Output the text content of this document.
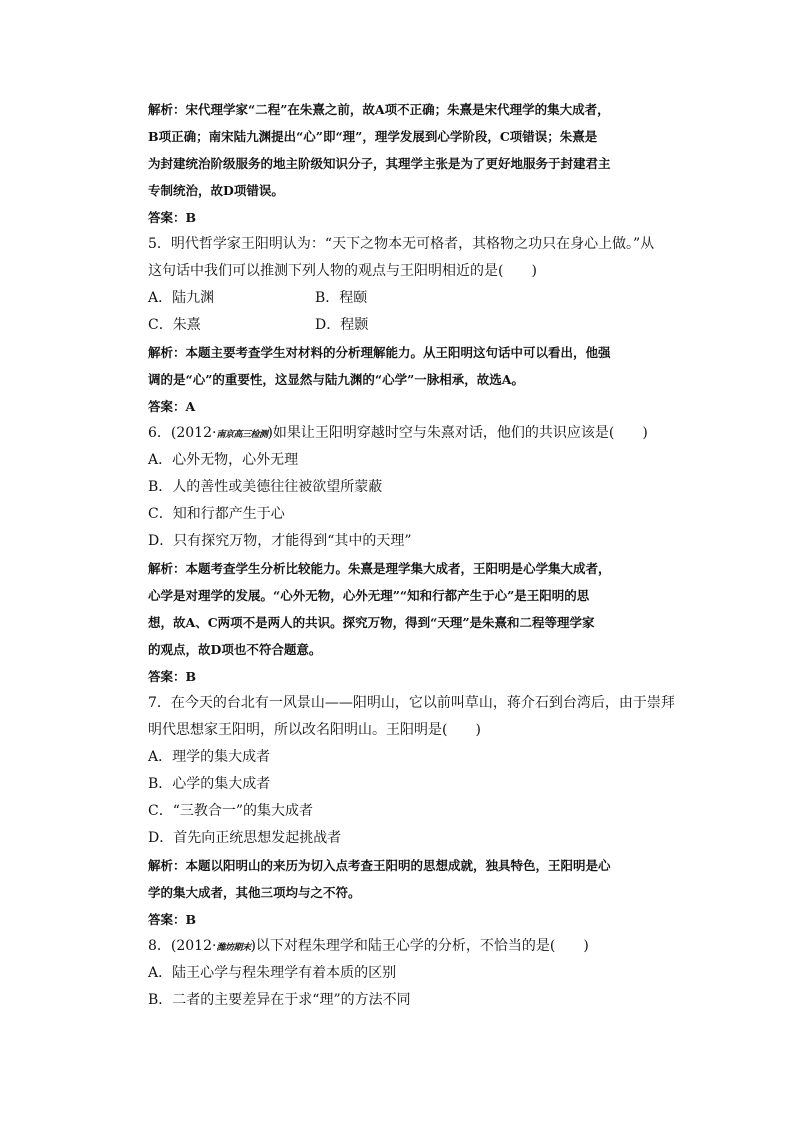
解析：宋代理学家“二程”在朱熹之前，故A项不正确；朱熹是宋代理学的集大成者，
B项正确；南宋陆九渊提出“心”即“理”，理学发展到心学阶段，C项错误；朱熹是
为封建统治阶级服务的地主阶级知识分子，其理学主张是为了更好地服务于封建君主
专制统治，故D项错误。
答案：B
5．明代哲学家王阳明认为：“天下之物本无可格者，其格物之功只在身心上做。”从
这句话中我们可以推测下列人物的观点与王阳明相近的是(　　)
A．陆九渊	B．程颐
C．朱熹	D．程颢
解析：本题主要考查学生对材料的分析理解能力。从王阳明这句话中可以看出，他强
调的是“心”的重要性，这显然与陆九渊的“心学”一脉相承，故选A。
答案：A
6．(2012·南京高三检测)如果让王阳明穿越时空与朱熹对话，他们的共识应该是(　　)
A．心外无物，心外无理
B．人的善性或美德往往被欲望所蒙蔽
C．知和行都产生于心
D．只有探究万物，才能得到“其中的天理”
解析：本题考查学生分析比较能力。朱熹是理学集大成者，王阳明是心学集大成者，
心学是对理学的发展。“心外无物，心外无理”“知和行都产生于心”是王阳明的思
想，故A、C两项不是两人的共识。探究万物，得到“天理”是朱熹和二程等理学家
的观点，故D项也不符合题意。
答案：B
7．在今天的台北有一风景山——阳明山，它以前叫草山，蒋介石到台湾后，由于崇拜
明代思想家王阳明，所以改名阳明山。王阳明是(　　)
A．理学的集大成者
B．心学的集大成者
C．“三教合一”的集大成者
D．首先向正统思想发起挑战者
解析：本题以阳明山的来历为切入点考查王阳明的思想成就，独具特色，王阳明是心
学的集大成者，其他三项均与之不符。
答案：B
8．(2012·潍坊期末)以下对程朱理学和陆王心学的分析，不恰当的是(　　)
A．陆王心学与程朱理学有着本质的区别
B．二者的主要差异在于求“理”的方法不同
